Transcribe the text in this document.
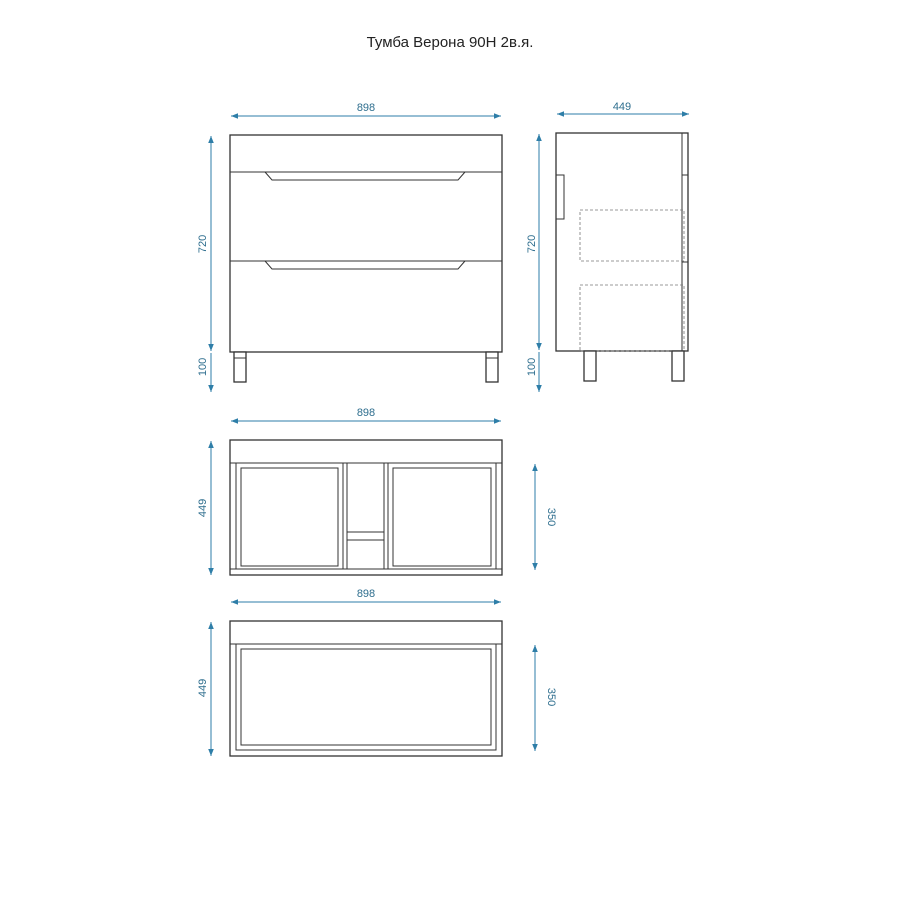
Тумба Верона 90Н 2в.я.
898
720
100
449
720
100
898
449	350
898
449	350
